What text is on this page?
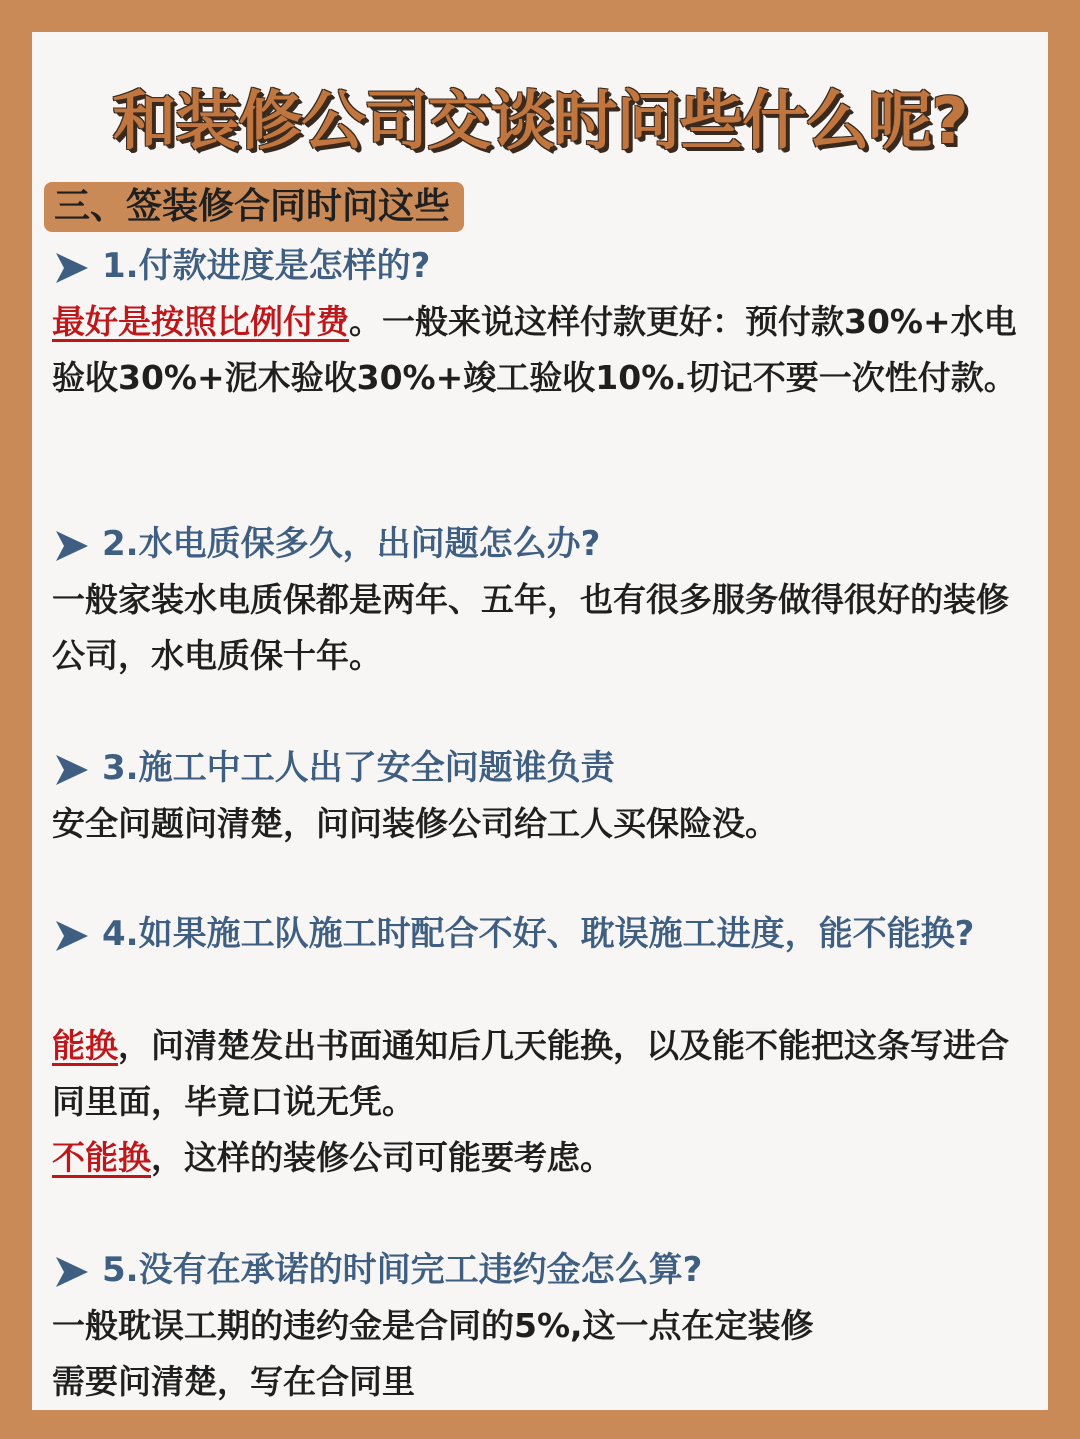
和装修公司交谈时问些什么呢?
三、签装修合同时问这些
1.付款进度是怎样的?
最好是按照比例付费。一般来说这样付款更好：预付款30%+水电验收30%+泥木验收30%+竣工验收10%.切记不要一次性付款。
2.水电质保多久，出问题怎么办?
一般家装水电质保都是两年、五年，也有很多服务做得很好的装修公司，水电质保十年。
3.施工中工人出了安全问题谁负责
安全问题问清楚，问问装修公司给工人买保险没。
4.如果施工队施工时配合不好、耽误施工进度，能不能换?
能换，问清楚发出书面通知后几天能换，以及能不能把这条写进合同里面，毕竟口说无凭。
不能换，这样的装修公司可能要考虑。
5.没有在承诺的时间完工违约金怎么算?
一般耽误工期的违约金是合同的5%,这一点在定装修
需要问清楚，写在合同里
